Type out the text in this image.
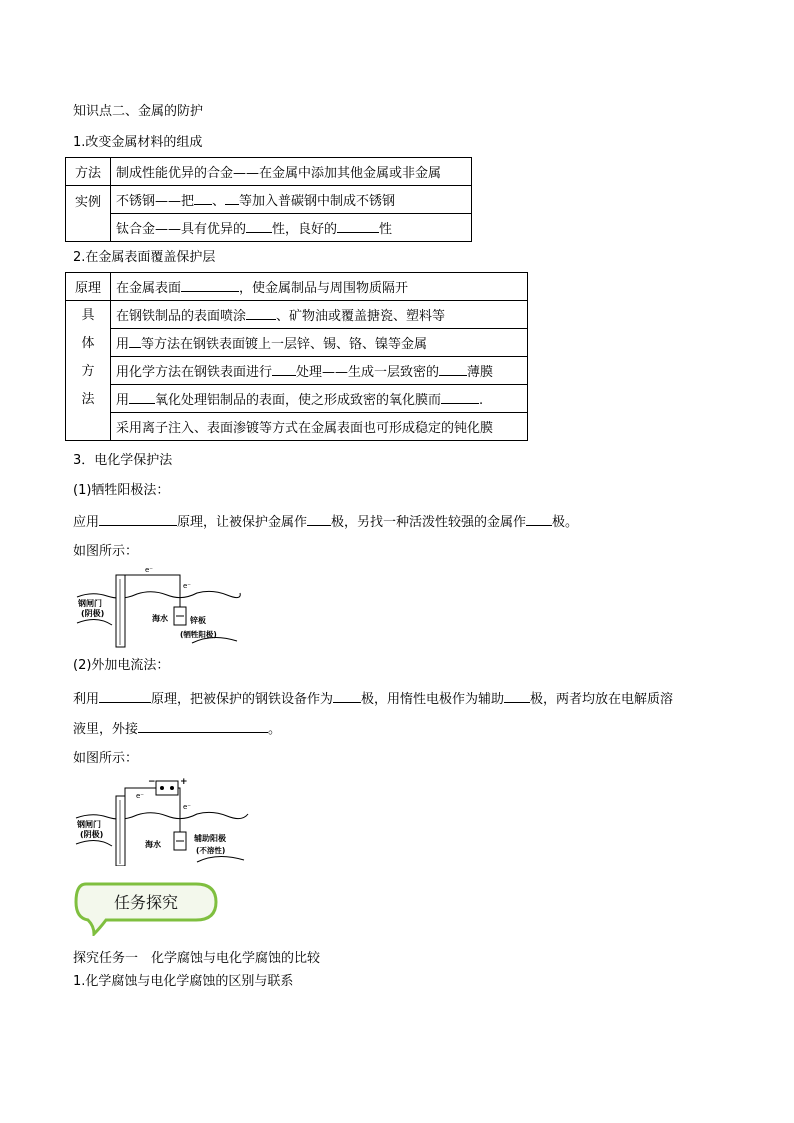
知识点二、金属的防护
1.改变金属材料的组成
方法	制成性能优异的合金——在金属中添加其他金属或非金属
实例	不锈钢——把 、 等加入普碳钢中制成不锈钢
	钛合金——具有优异的 性，良好的 性
2.在金属表面覆盖保护层
原理	在金属表面 ，使金属制品与周围物质隔开

具
体
方
法	在钢铁制品的表面喷涂 、矿物油或覆盖搪瓷、塑料等
	用 等方法在钢铁表面镀上一层锌、锡、铬、镍等金属
	用化学方法在钢铁表面进行 处理——生成一层致密的 薄膜
	用 氧化处理铝制品的表面，使之形成致密的氧化膜而 .
	采用离子注入、表面渗镀等方式在金属表面也可形成稳定的钝化膜
3．电化学保护法
(1)牺牲阳极法：
应用	原理，让被保护金属作 极，另找一种活泼性较强的金属作 极。
如图所示：
e⁻
e⁻
钢闸门
(阴极)
海水	锌板
(牺牲阳极)
(2)外加电流法：
利用	原理，把被保护的钢铁设备作为 极，用惰性电极作为辅助 极，两者均放在电解质溶
液里，外接	。
如图所示：
−	+
e⁻
e⁻
钢闸门
(阴极)
海水
辅助阳极
(不溶性)
任务探究
探究任务一　化学腐蚀与电化学腐蚀的比较
1.化学腐蚀与电化学腐蚀的区别与联系
